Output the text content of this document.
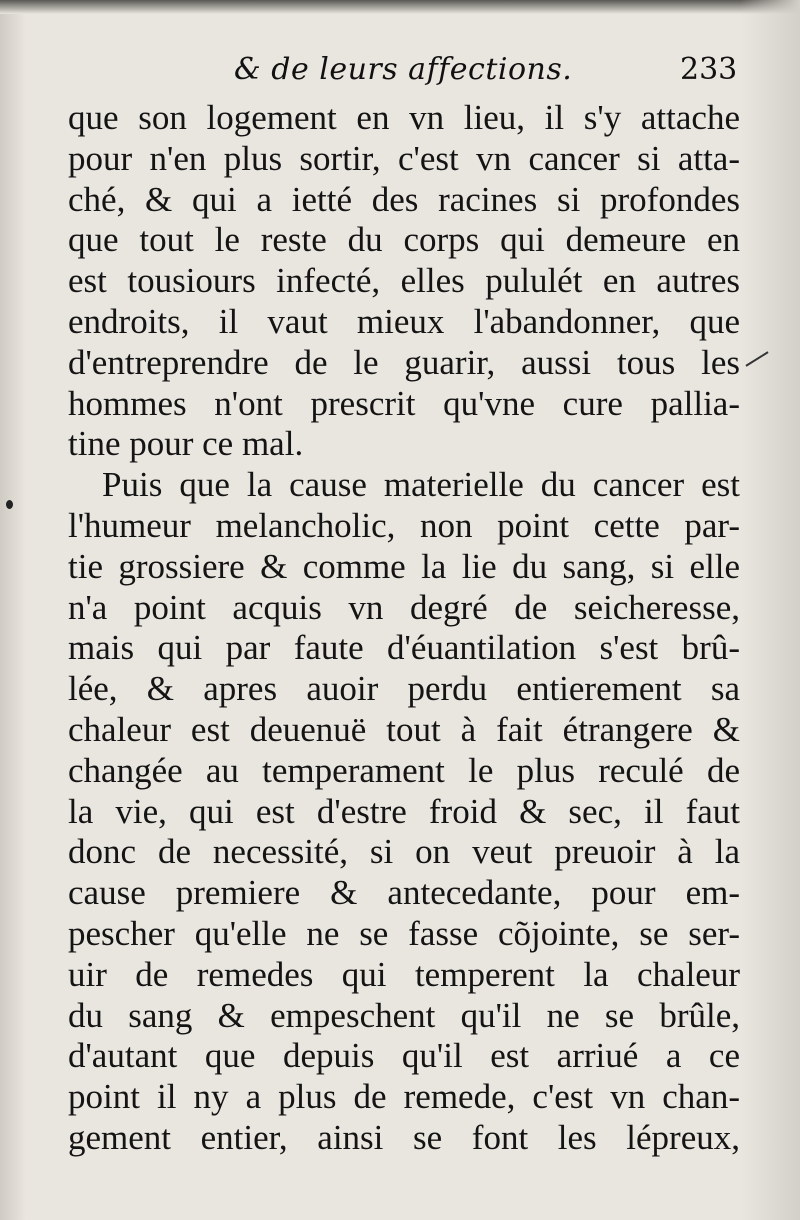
& de leurs affections.	233
que son logement en vn lieu, il s'y attache
pour n'en plus sortir, c'est vn cancer si atta-
ché, & qui a ietté des racines si profondes
que tout le reste du corps qui demeure en
est tousiours infecté, elles pululét en autres
endroits, il vaut mieux l'abandonner, que
d'entreprendre de le guarir, aussi tous les
hommes n'ont prescrit qu'vne cure pallia-
tine pour ce mal.
Puis que la cause materielle du cancer est
l'humeur melancholic, non point cette par-
tie grossiere & comme la lie du sang, si elle
n'a point acquis vn degré de seicheresse,
mais qui par faute d'éuantilation s'est brû-
lée, & apres auoir perdu entierement sa
chaleur est deuenuë tout à fait étrangere &
changée au temperament le plus reculé de
la vie, qui est d'estre froid & sec, il faut
donc de necessité, si on veut preuoir à la
cause premiere & antecedante, pour em-
pescher qu'elle ne se fasse cõjointe, se ser-
uir de remedes qui temperent la chaleur
du sang & empeschent qu'il ne se brûle,
d'autant que depuis qu'il est arriué a ce
point il ny a plus de remede, c'est vn chan-
gement entier, ainsi se font les lépreux,
